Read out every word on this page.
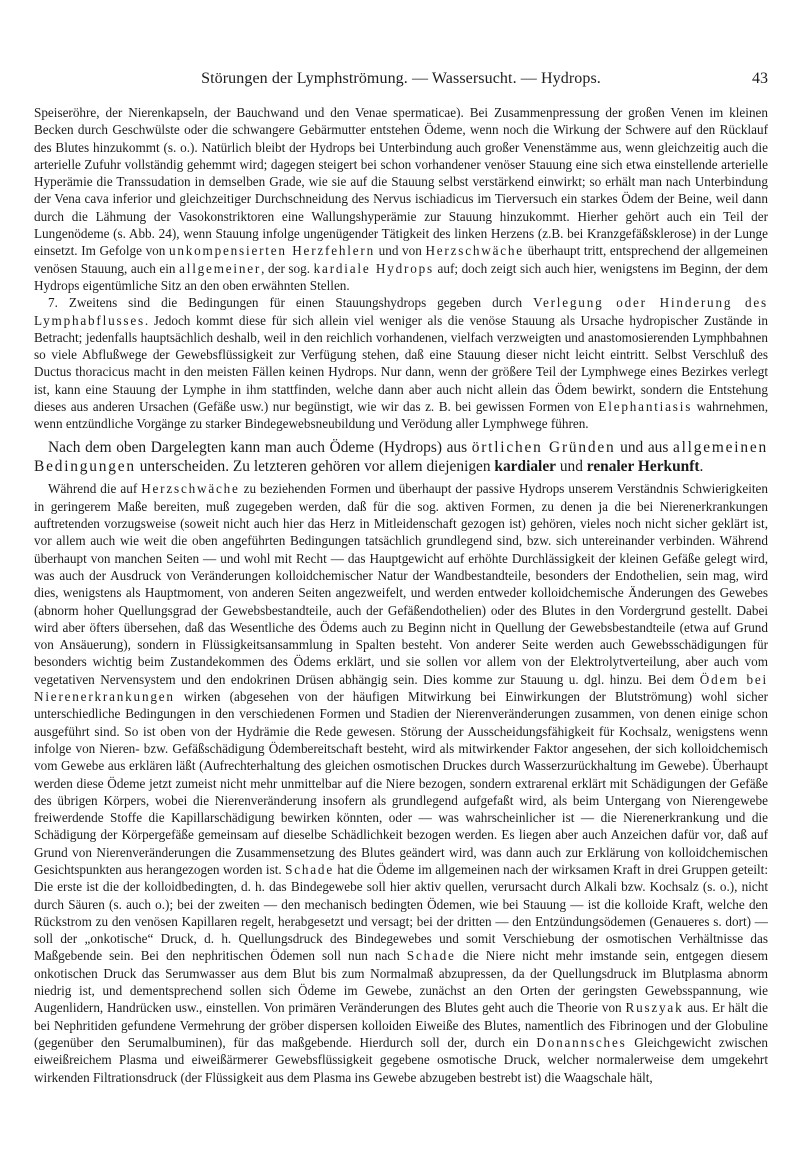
Störungen der Lymphströmung. — Wassersucht. — Hydrops.	43

Speiseröhre, der Nierenkapseln, der Bauchwand und den Venae spermaticae). Bei Zusammenpressung der großen Venen im kleinen Becken durch Geschwülste oder die schwangere Gebärmutter entstehen Ödeme, wenn noch die Wirkung der Schwere auf den Rücklauf des Blutes hinzukommt (s. o.). Natürlich bleibt der Hydrops bei Unterbindung auch großer Venenstämme aus, wenn gleichzeitig auch die arterielle Zufuhr vollständig gehemmt wird; dagegen steigert bei schon vorhandener venöser Stauung eine sich etwa einstellende arterielle Hyperämie die Transsudation in demselben Grade, wie sie auf die Stauung selbst verstärkend einwirkt; so erhält man nach Unterbindung der Vena cava inferior und gleichzeitiger Durchschneidung des Nervus ischiadicus im Tierversuch ein starkes Ödem der Beine, weil dann durch die Lähmung der Vasokonstriktoren eine Wallungshyperämie zur Stauung hinzukommt. Hierher gehört auch ein Teil der Lungenödeme (s. Abb. 24), wenn Stauung infolge ungenügender Tätigkeit des linken Herzens (z.B. bei Kranzgefäßsklerose) in der Lunge einsetzt. Im Gefolge von unkompensierten Herzfehlern und von Herzschwäche überhaupt tritt, entsprechend der allgemeinen venösen Stauung, auch ein allgemeiner, der sog. kardiale Hydrops auf; doch zeigt sich auch hier, wenigstens im Beginn, der dem Hydrops eigentümliche Sitz an den oben erwähnten Stellen.

7. Zweitens sind die Bedingungen für einen Stauungshydrops gegeben durch Verlegung oder Hinderung des Lymphabflusses. Jedoch kommt diese für sich allein viel weniger als die venöse Stauung als Ursache hydropischer Zustände in Betracht; jedenfalls hauptsächlich deshalb, weil in den reichlich vorhandenen, vielfach verzweigten und anastomosierenden Lymphbahnen so viele Abflußwege der Gewebsflüssigkeit zur Verfügung stehen, daß eine Stauung dieser nicht leicht eintritt. Selbst Verschluß des Ductus thoracicus macht in den meisten Fällen keinen Hydrops. Nur dann, wenn der größere Teil der Lymphwege eines Bezirkes verlegt ist, kann eine Stauung der Lymphe in ihm stattfinden, welche dann aber auch nicht allein das Ödem bewirkt, sondern die Entstehung dieses aus anderen Ursachen (Gefäße usw.) nur begünstigt, wie wir das z. B. bei gewissen Formen von Elephantiasis wahrnehmen, wenn entzündliche Vorgänge zu starker Bindegewebsneubildung und Verödung aller Lymphwege führen.

Nach dem oben Dargelegten kann man auch Ödeme (Hydrops) aus örtlichen Gründen und aus allgemeinen Bedingungen unterscheiden. Zu letzteren gehören vor allem diejenigen kardialer und renaler Herkunft.

Während die auf Herzschwäche zu beziehenden Formen und überhaupt der passive Hydrops unserem Verständnis Schwierigkeiten in geringerem Maße bereiten, muß zugegeben werden, daß für die sog. aktiven Formen, zu denen ja die bei Nierenerkrankungen auftretenden vorzugsweise (soweit nicht auch hier das Herz in Mitleidenschaft gezogen ist) gehören, vieles noch nicht sicher geklärt ist, vor allem auch wie weit die oben angeführten Bedingungen tatsächlich grundlegend sind, bzw. sich untereinander verbinden. Während überhaupt von manchen Seiten — und wohl mit Recht — das Hauptgewicht auf erhöhte Durchlässigkeit der kleinen Gefäße gelegt wird, was auch der Ausdruck von Veränderungen kolloidchemischer Natur der Wandbestandteile, besonders der Endothelien, sein mag, wird dies, wenigstens als Hauptmoment, von anderen Seiten angezweifelt, und werden entweder kolloidchemische Änderungen des Gewebes (abnorm hoher Quellungsgrad der Gewebsbestandteile, auch der Gefäßendothelien) oder des Blutes in den Vordergrund gestellt. Dabei wird aber öfters übersehen, daß das Wesentliche des Ödems auch zu Beginn nicht in Quellung der Gewebsbestandteile (etwa auf Grund von Ansäuerung), sondern in Flüssigkeitsansammlung in Spalten besteht. Von anderer Seite werden auch Gewebsschädigungen für besonders wichtig beim Zustandekommen des Ödems erklärt, und sie sollen vor allem von der Elektrolytverteilung, aber auch vom vegetativen Nervensystem und den endokrinen Drüsen abhängig sein. Dies komme zur Stauung u. dgl. hinzu. Bei dem Ödem bei Nierenerkrankungen wirken (abgesehen von der häufigen Mitwirkung bei Einwirkungen der Blutströmung) wohl sicher unterschiedliche Bedingungen in den verschiedenen Formen und Stadien der Nierenveränderungen zusammen, von denen einige schon ausgeführt sind. So ist oben von der Hydrämie die Rede gewesen. Störung der Ausscheidungsfähigkeit für Kochsalz, wenigstens wenn infolge von Nieren- bzw. Gefäßschädigung Ödembereitschaft besteht, wird als mitwirkender Faktor angesehen, der sich kolloidchemisch vom Gewebe aus erklären läßt (Aufrechterhaltung des gleichen osmotischen Druckes durch Wasserzurückhaltung im Gewebe). Überhaupt werden diese Ödeme jetzt zumeist nicht mehr unmittelbar auf die Niere bezogen, sondern extrarenal erklärt mit Schädigungen der Gefäße des übrigen Körpers, wobei die Nierenveränderung insofern als grundlegend aufgefaßt wird, als beim Untergang von Nierengewebe freiwerdende Stoffe die Kapillarschädigung bewirken könnten, oder — was wahrscheinlicher ist — die Nierenerkrankung und die Schädigung der Körpergefäße gemeinsam auf dieselbe Schädlichkeit bezogen werden. Es liegen aber auch Anzeichen dafür vor, daß auf Grund von Nierenveränderungen die Zusammensetzung des Blutes geändert wird, was dann auch zur Erklärung von kolloidchemischen Gesichtspunkten aus herangezogen worden ist. Schade hat die Ödeme im allgemeinen nach der wirksamen Kraft in drei Gruppen geteilt: Die erste ist die der kolloidbedingten, d. h. das Bindegewebe soll hier aktiv quellen, verursacht durch Alkali bzw. Kochsalz (s. o.), nicht durch Säuren (s. auch o.); bei der zweiten — den mechanisch bedingten Ödemen, wie bei Stauung — ist die kolloide Kraft, welche den Rückstrom zu den venösen Kapillaren regelt, herabgesetzt und versagt; bei der dritten — den Entzündungsödemen (Genaueres s. dort) — soll der „onkotische“ Druck, d. h. Quellungsdruck des Bindegewebes und somit Verschiebung der osmotischen Verhältnisse das Maßgebende sein. Bei den nephritischen Ödemen soll nun nach Schade die Niere nicht mehr imstande sein, entgegen diesem onkotischen Druck das Serumwasser aus dem Blut bis zum Normalmaß abzupressen, da der Quellungsdruck im Blutplasma abnorm niedrig ist, und dementsprechend sollen sich Ödeme im Gewebe, zunächst an den Orten der geringsten Gewebsspannung, wie Augenlidern, Handrücken usw., einstellen. Von primären Veränderungen des Blutes geht auch die Theorie von Ruszyak aus. Er hält die bei Nephritiden gefundene Vermehrung der gröber dispersen kolloiden Eiweiße des Blutes, namentlich des Fibrinogen und der Globuline (gegenüber den Serumalbuminen), für das maßgebende. Hierdurch soll der, durch ein Donannsches Gleichgewicht zwischen eiweißreichem Plasma und eiweißärmerer Gewebsflüssigkeit gegebene osmotische Druck, welcher normalerweise dem umgekehrt wirkenden Filtrationsdruck (der Flüssigkeit aus dem Plasma ins Gewebe abzugeben bestrebt ist) die Waagschale hält,
